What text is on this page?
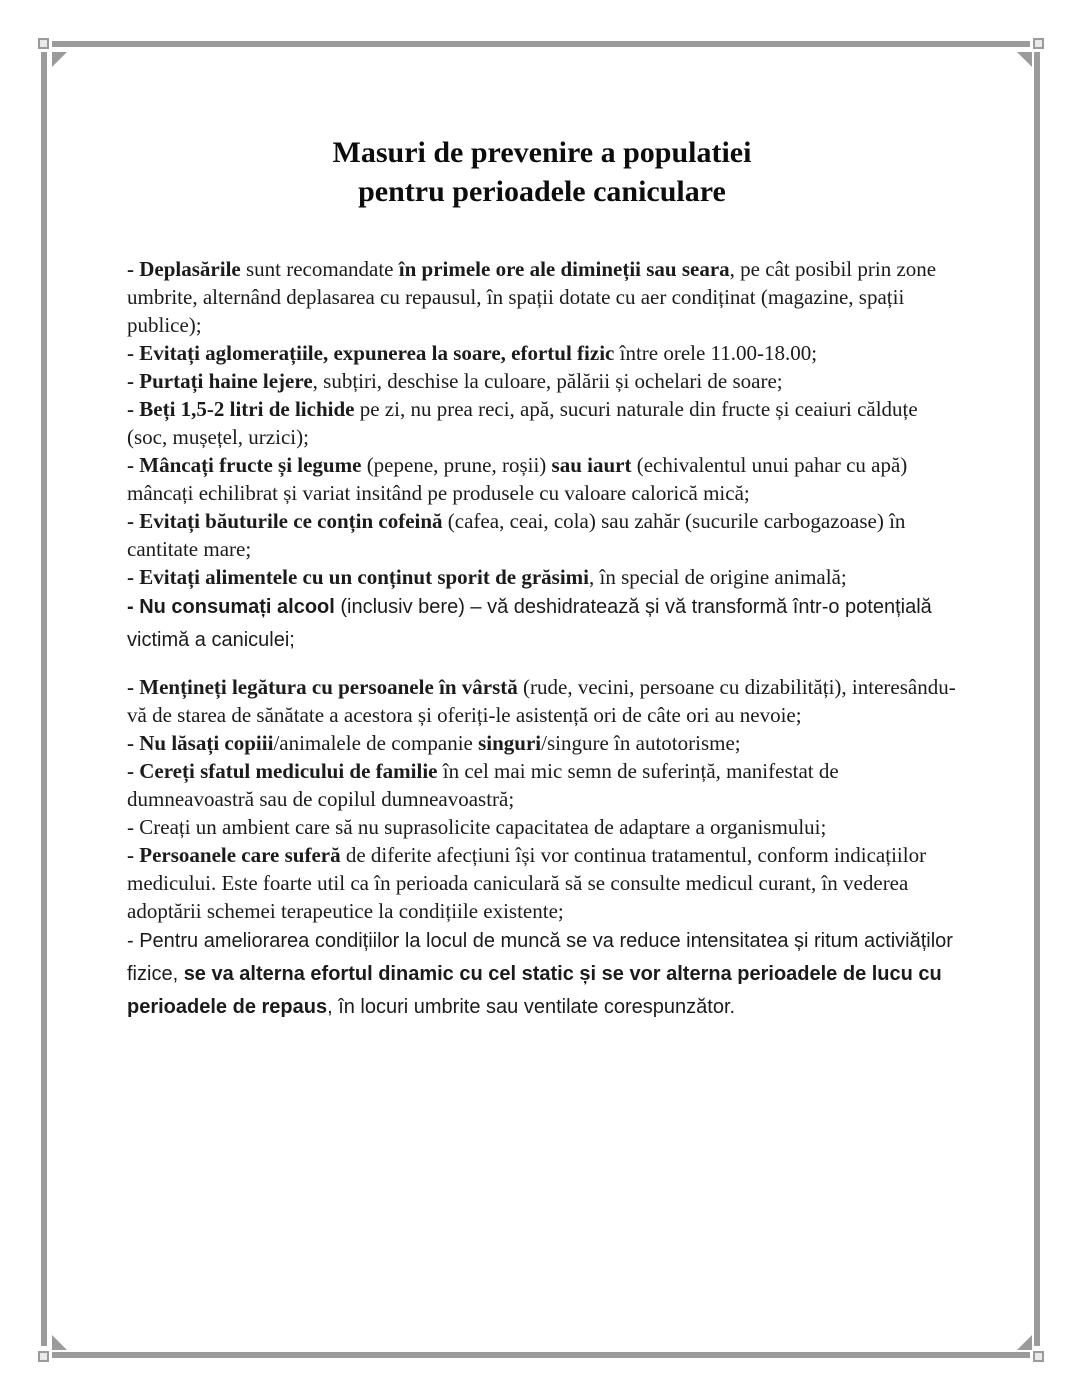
Masuri de prevenire a populatiei
pentru perioadele caniculare

- Deplasările sunt recomandate în primele ore ale dimineții sau seara, pe cât posibil prin zone umbrite, alternând deplasarea cu repausul, în spații dotate cu aer condiținat (magazine, spații publice);

- Evitați aglomerațiile, expunerea la soare, efortul fizic între orele 11.00-18.00;

- Purtați haine lejere, subțiri, deschise la culoare, pălării și ochelari de soare;

- Beți 1,5-2 litri de lichide pe zi, nu prea reci, apă, sucuri naturale din fructe și ceaiuri călduțe (soc, mușețel, urzici);

- Mâncați fructe și legume (pepene, prune, roșii) sau iaurt (echivalentul unui pahar cu apă) mâncați echilibrat și variat insitând pe produsele cu valoare calorică mică;

- Evitați băuturile ce conțin cofeină (cafea, ceai, cola) sau zahăr (sucurile carbogazoase) în cantitate mare;

- Evitați alimentele cu un conținut sporit de grăsimi, în special de origine animală;

- Nu consumați alcool (inclusiv bere) – vă deshidratează și vă transformă într-o potențială victimă a caniculei;

- Mențineți legătura cu persoanele în vârstă (rude, vecini, persoane cu dizabilități), interesându-vă de starea de sănătate a acestora și oferiți-le asistență ori de câte ori au nevoie;

- Nu lăsați copiii/animalele de companie singuri/singure în autotorisme;

- Cereți sfatul medicului de familie în cel mai mic semn de suferință, manifestat de dumneavoastră sau de copilul dumneavoastră;

- Creați un ambient care să nu suprasolicite capacitatea de adaptare a organismului;

- Persoanele care suferă de diferite afecțiuni își vor continua tratamentul, conform indicațiilor medicului. Este foarte util ca în perioada caniculară să se consulte medicul curant, în vederea adoptării schemei terapeutice la condițiile existente;

- Pentru ameliorarea condițiilor la locul de muncă se va reduce intensitatea și ritum activiăților fizice, se va alterna efortul dinamic cu cel static și se vor alterna perioadele de lucu cu perioadele de repaus, în locuri umbrite sau ventilate corespunzător.
